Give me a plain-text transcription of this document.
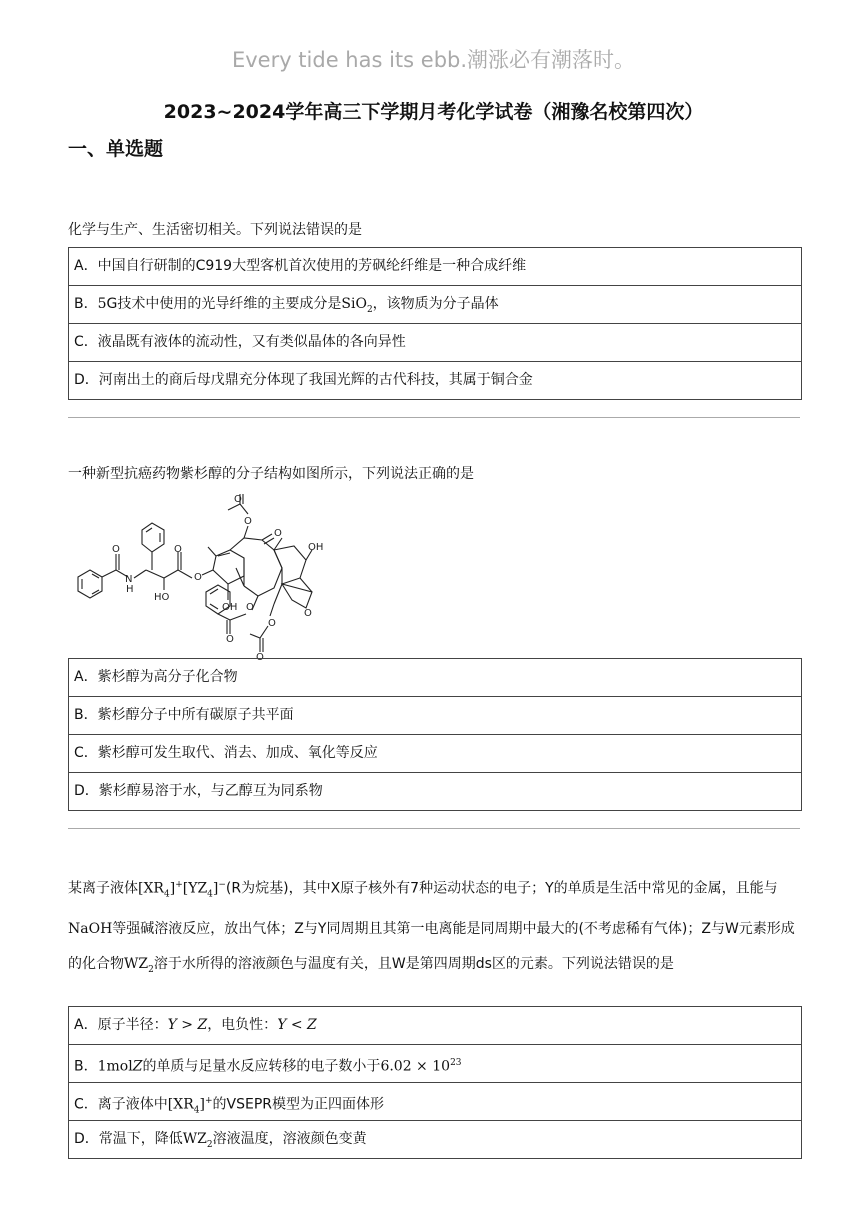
Every tide has its ebb.潮涨必有潮落时。
2023~2024学年高三下学期月考化学试卷（湘豫名校第四次）
一、单选题
化学与生产、生活密切相关。下列说法错误的是
A．中国自行研制的C919大型客机首次使用的芳砜纶纤维是一种合成纤维
B．5G技术中使用的光导纤维的主要成分是SiO$_2$，该物质为分子晶体
C．液晶既有液体的流动性，又有类似晶体的各向异性
D．河南出土的商后母戊鼎充分体现了我国光辉的古代科技，其属于铜合金
一种新型抗癌药物紫杉醇的分子结构如图所示，下列说法正确的是
O
N
H
O
HO
O
O
O
O
OH
OH O
O
O
O
O
A．紫杉醇为高分子化合物
B．紫杉醇分子中所有碳原子共平面
C．紫杉醇可发生取代、消去、加成、氧化等反应
D．紫杉醇易溶于水，与乙醇互为同系物
某离子液体$[XR_4]^+[YZ_4]^-(R$为烷基)，其中X原子核外有7种运动状态的电子；Y的单质是生活中常见的金属，且能与NaOH等强碱溶液反应，放出气体；Z与Y同周期且其第一电离能是同周期中最大的(不考虑稀有气体)；Z与W元素形成的化合物$WZ_2$溶于水所得的溶液颜色与温度有关，且W是第四周期ds区的元素。下列说法错误的是
A．原子半径：Y > Z，电负性：Y < Z
B．1molZ的单质与足量水反应转移的电子数小于$6.02 \times 10^{23}$
C．离子液体中$[XR_4]^+$的VSEPR模型为正四面体形
D．常温下，降低$WZ_2$溶液温度，溶液颜色变黄
